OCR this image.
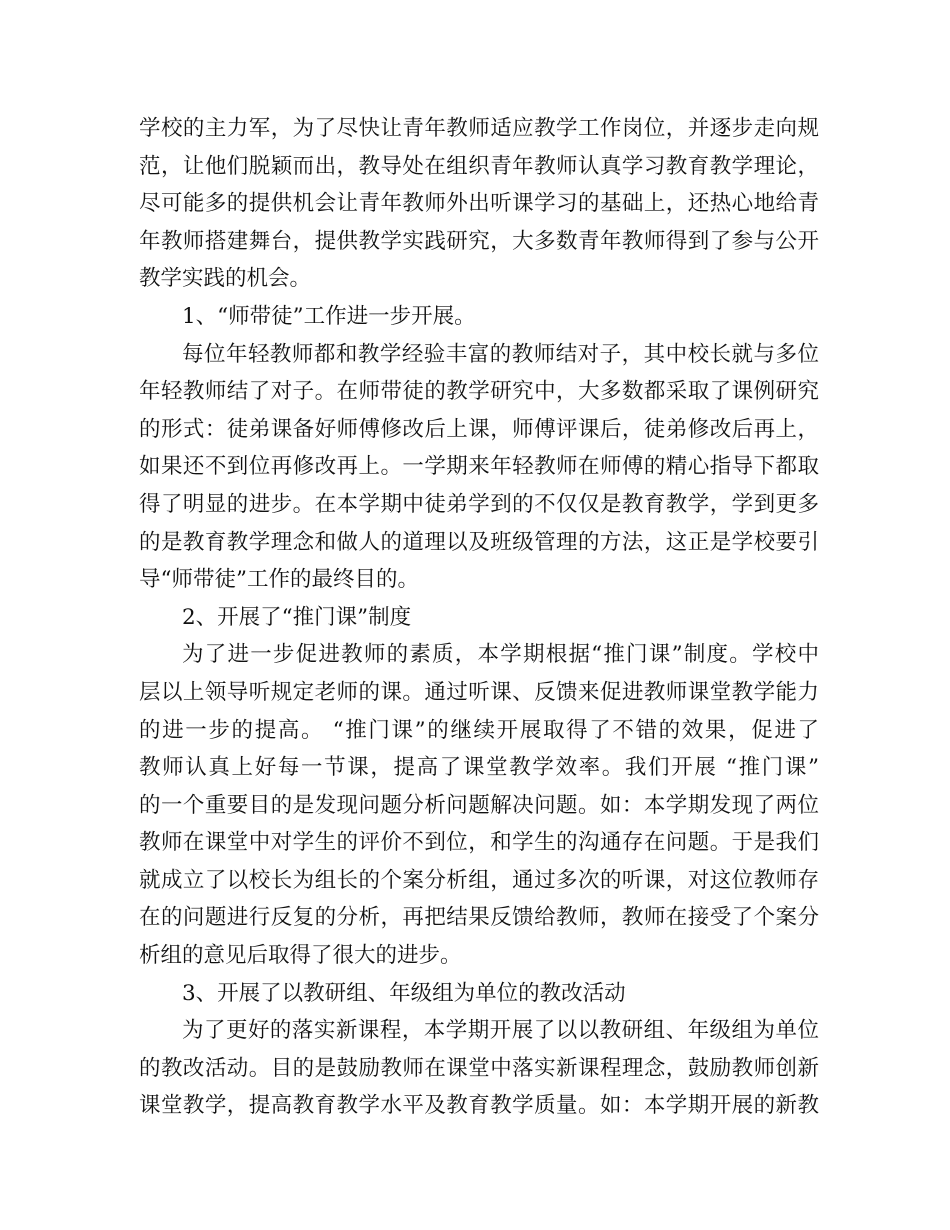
学校的主力军，为了尽快让青年教师适应教学工作岗位，并逐步走向规
范，让他们脱颖而出，教导处在组织青年教师认真学习教育教学理论，
尽可能多的提供机会让青年教师外出听课学习的基础上，还热心地给青
年教师搭建舞台，提供教学实践研究，大多数青年教师得到了参与公开
教学实践的机会。
1、“师带徒”工作进一步开展。
每位年轻教师都和教学经验丰富的教师结对子，其中校长就与多位
年轻教师结了对子。在师带徒的教学研究中，大多数都采取了课例研究
的形式：徒弟课备好师傅修改后上课，师傅评课后，徒弟修改后再上，
如果还不到位再修改再上。一学期来年轻教师在师傅的精心指导下都取
得了明显的进步。在本学期中徒弟学到的不仅仅是教育教学，学到更多
的是教育教学理念和做人的道理以及班级管理的方法，这正是学校要引
导“师带徒”工作的最终目的。
2、开展了“推门课”制度
为了进一步促进教师的素质，本学期根据“推门课”制度。学校中
层以上领导听规定老师的课。通过听课、反馈来促进教师课堂教学能力
的进一步的提高。 “推门课”的继续开展取得了不错的效果，促进了
教师认真上好每一节课，提高了课堂教学效率。我们开展 “推门课”
的一个重要目的是发现问题分析问题解决问题。如：本学期发现了两位
教师在课堂中对学生的评价不到位，和学生的沟通存在问题。于是我们
就成立了以校长为组长的个案分析组，通过多次的听课，对这位教师存
在的问题进行反复的分析，再把结果反馈给教师，教师在接受了个案分
析组的意见后取得了很大的进步。
3、开展了以教研组、年级组为单位的教改活动
为了更好的落实新课程，本学期开展了以以教研组、年级组为单位
的教改活动。目的是鼓励教师在课堂中落实新课程理念，鼓励教师创新
课堂教学，提高教育教学水平及教育教学质量。如：本学期开展的新教
